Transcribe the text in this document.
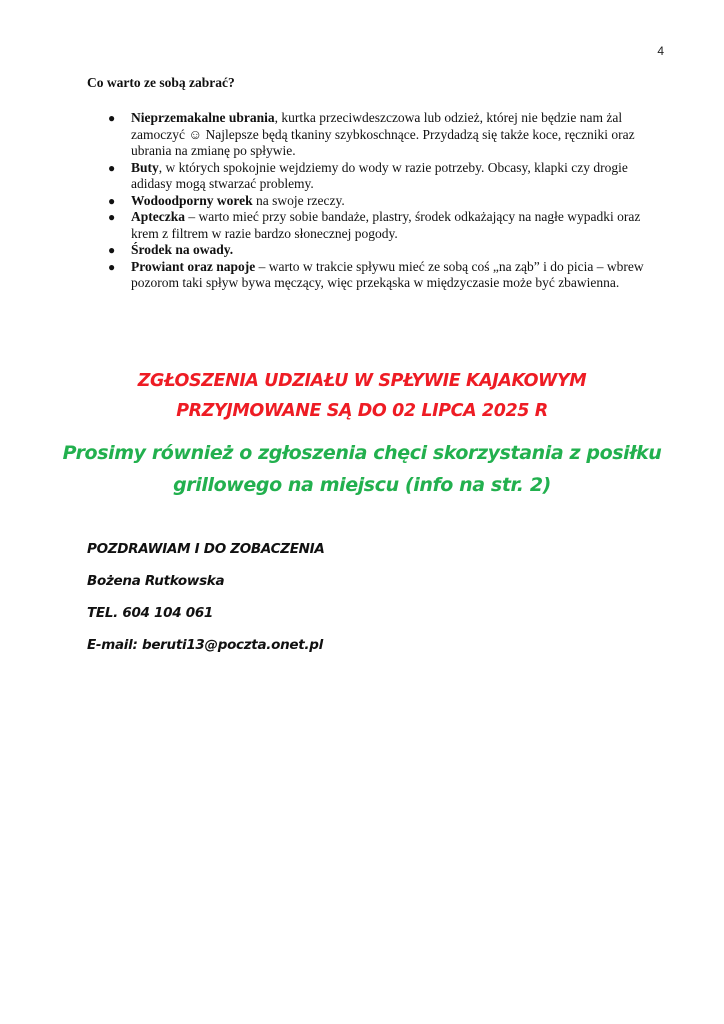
4
Co warto ze sobą zabrać?
● Nieprzemakalne ubrania, kurtka przeciwdeszczowa lub odzież, której nie będzie nam żal zamoczyć ☺ Najlepsze będą tkaniny szybkoschnące. Przydadzą się także koce, ręczniki oraz ubrania na zmianę po spływie.
● Buty, w których spokojnie wejdziemy do wody w razie potrzeby. Obcasy, klapki czy drogie adidasy mogą stwarzać problemy.
● Wodoodporny worek na swoje rzeczy.
● Apteczka – warto mieć przy sobie bandaże, plastry, środek odkażający na nagłe wypadki oraz krem z filtrem w razie bardzo słonecznej pogody.
● Środek na owady.
● Prowiant oraz napoje – warto w trakcie spływu mieć ze sobą coś „na ząb” i do picia – wbrew pozorom taki spływ bywa męczący, więc przekąska w międzyczasie może być zbawienna.
ZGŁOSZENIA UDZIAŁU W SPŁYWIE KAJAKOWYM
PRZYJMOWANE SĄ DO 02 LIPCA 2025 R
Prosimy również o zgłoszenia chęci skorzystania z posiłku
grillowego na miejscu (info na str. 2)
POZDRAWIAM I DO ZOBACZENIA
Bożena Rutkowska
TEL. 604 104 061
E-mail: beruti13@poczta.onet.pl
